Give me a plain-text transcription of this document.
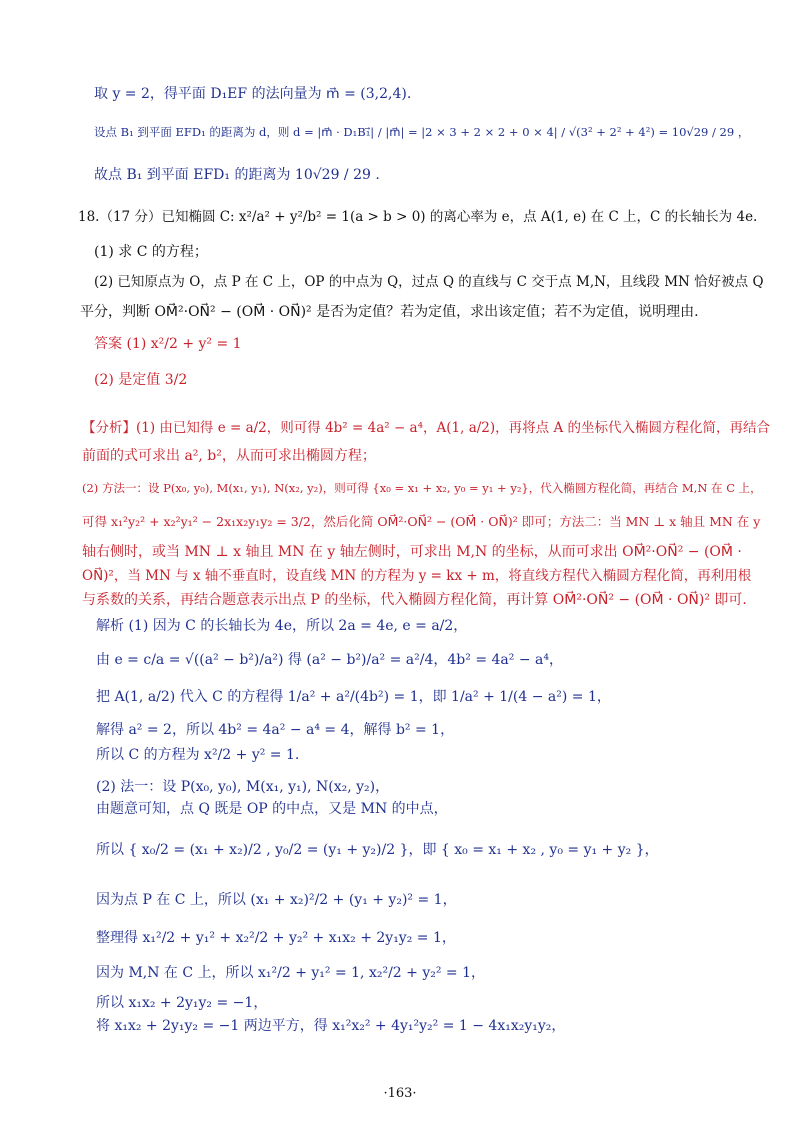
取 y = 2，得平面 D₁EF 的法向量为 m⃗ = (3,2,4).
设点 B₁ 到平面 EFD₁ 的距离为 d，则 d = |m⃗ · D₁B₁⃗| / |m⃗| = |2 × 3 + 2 × 2 + 0 × 4| / √(3² + 2² + 4²) = 10√29 / 29 ，
故点 B₁ 到平面 EFD₁ 的距离为 10√29 / 29 .
18.（17 分）已知椭圆 C: x²/a² + y²/b² = 1(a > b > 0) 的离心率为 e，点 A(1, e) 在 C 上，C 的长轴长为 4e.
(1) 求 C 的方程；
(2) 已知原点为 O，点 P 在 C 上，OP 的中点为 Q，过点 Q 的直线与 C 交于点 M,N，且线段 MN 恰好被点 Q
平分，判断 OM⃗²·ON⃗² − (OM⃗ · ON⃗)² 是否为定值？若为定值，求出该定值；若不为定值，说明理由.
答案 (1) x²/2 + y² = 1
(2) 是定值 3/2
【分析】(1) 由已知得 e = a/2，则可得 4b² = 4a² − a⁴，A(1, a/2)，再将点 A 的坐标代入椭圆方程化简，再结合
前面的式可求出 a², b²，从而可求出椭圆方程；
(2) 方法一：设 P(x₀, y₀), M(x₁, y₁), N(x₂, y₂)，则可得 {x₀ = x₁ + x₂, y₀ = y₁ + y₂}，代入椭圆方程化简，再结合 M,N 在 C 上，
可得 x₁²y₂² + x₂²y₁² − 2x₁x₂y₁y₂ = 3/2，然后化简 OM⃗²·ON⃗² − (OM⃗ · ON⃗)² 即可；方法二：当 MN ⊥ x 轴且 MN 在 y
轴右侧时，或当 MN ⊥ x 轴且 MN 在 y 轴左侧时，可求出 M,N 的坐标，从而可求出 OM⃗²·ON⃗² − (OM⃗ ·
ON⃗)²，当 MN 与 x 轴不垂直时，设直线 MN 的方程为 y = kx + m，将直线方程代入椭圆方程化简，再利用根
与系数的关系，再结合题意表示出点 P 的坐标，代入椭圆方程化简，再计算 OM⃗²·ON⃗² − (OM⃗ · ON⃗)² 即可.
解析 (1) 因为 C 的长轴长为 4e，所以 2a = 4e, e = a/2，
由 e = c/a = √((a² − b²)/a²) 得 (a² − b²)/a² = a²/4，4b² = 4a² − a⁴，
把 A(1, a/2) 代入 C 的方程得 1/a² + a²/(4b²) = 1，即 1/a² + 1/(4 − a²) = 1，
解得 a² = 2，所以 4b² = 4a² − a⁴ = 4，解得 b² = 1，
所以 C 的方程为 x²/2 + y² = 1.
(2) 法一：设 P(x₀, y₀), M(x₁, y₁), N(x₂, y₂)，
由题意可知，点 Q 既是 OP 的中点，又是 MN 的中点，
所以 { x₀/2 = (x₁ + x₂)/2 , y₀/2 = (y₁ + y₂)/2 }，即 { x₀ = x₁ + x₂ , y₀ = y₁ + y₂ }，
因为点 P 在 C 上，所以 (x₁ + x₂)²/2 + (y₁ + y₂)² = 1，
整理得 x₁²/2 + y₁² + x₂²/2 + y₂² + x₁x₂ + 2y₁y₂ = 1，
因为 M,N 在 C 上，所以 x₁²/2 + y₁² = 1, x₂²/2 + y₂² = 1，
所以 x₁x₂ + 2y₁y₂ = −1，
将 x₁x₂ + 2y₁y₂ = −1 两边平方，得 x₁²x₂² + 4y₁²y₂² = 1 − 4x₁x₂y₁y₂，
·163·
